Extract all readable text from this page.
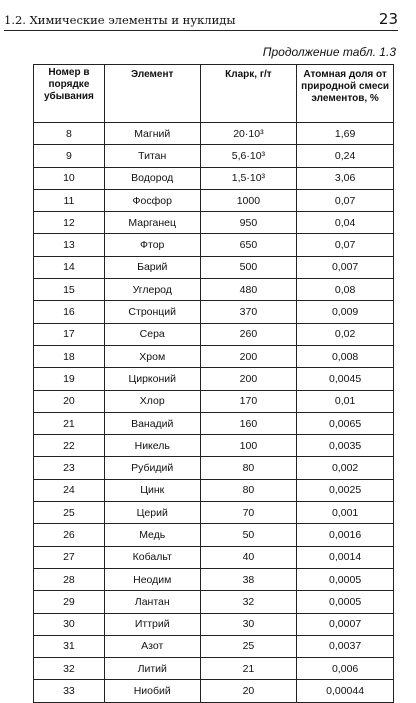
1.2. Химические элементы и нуклиды	23
Продолжение табл. 1.3
Номер в порядке убывания	Элемент	Кларк, г/т	Атомная доля от природной смеси элементов, %
8	Магний	20·10³	1,69
9	Титан	5,6·10³	0,24
10	Водород	1,5·10³	3,06
11	Фосфор	1000	0,07
12	Марганец	950	0,04
13	Фтор	650	0,07
14	Барий	500	0,007
15	Углерод	480	0,08
16	Стронций	370	0,009
17	Сера	260	0,02
18	Хром	200	0,008
19	Цирконий	200	0,0045
20	Хлор	170	0,01
21	Ванадий	160	0,0065
22	Никель	100	0,0035
23	Рубидий	80	0,002
24	Цинк	80	0,0025
25	Церий	70	0,001
26	Медь	50	0,0016
27	Кобальт	40	0,0014
28	Неодим	38	0,0005
29	Лантан	32	0,0005
30	Иттрий	30	0,0007
31	Азот	25	0,0037
32	Литий	21	0,006
33	Ниобий	20	0,00044
